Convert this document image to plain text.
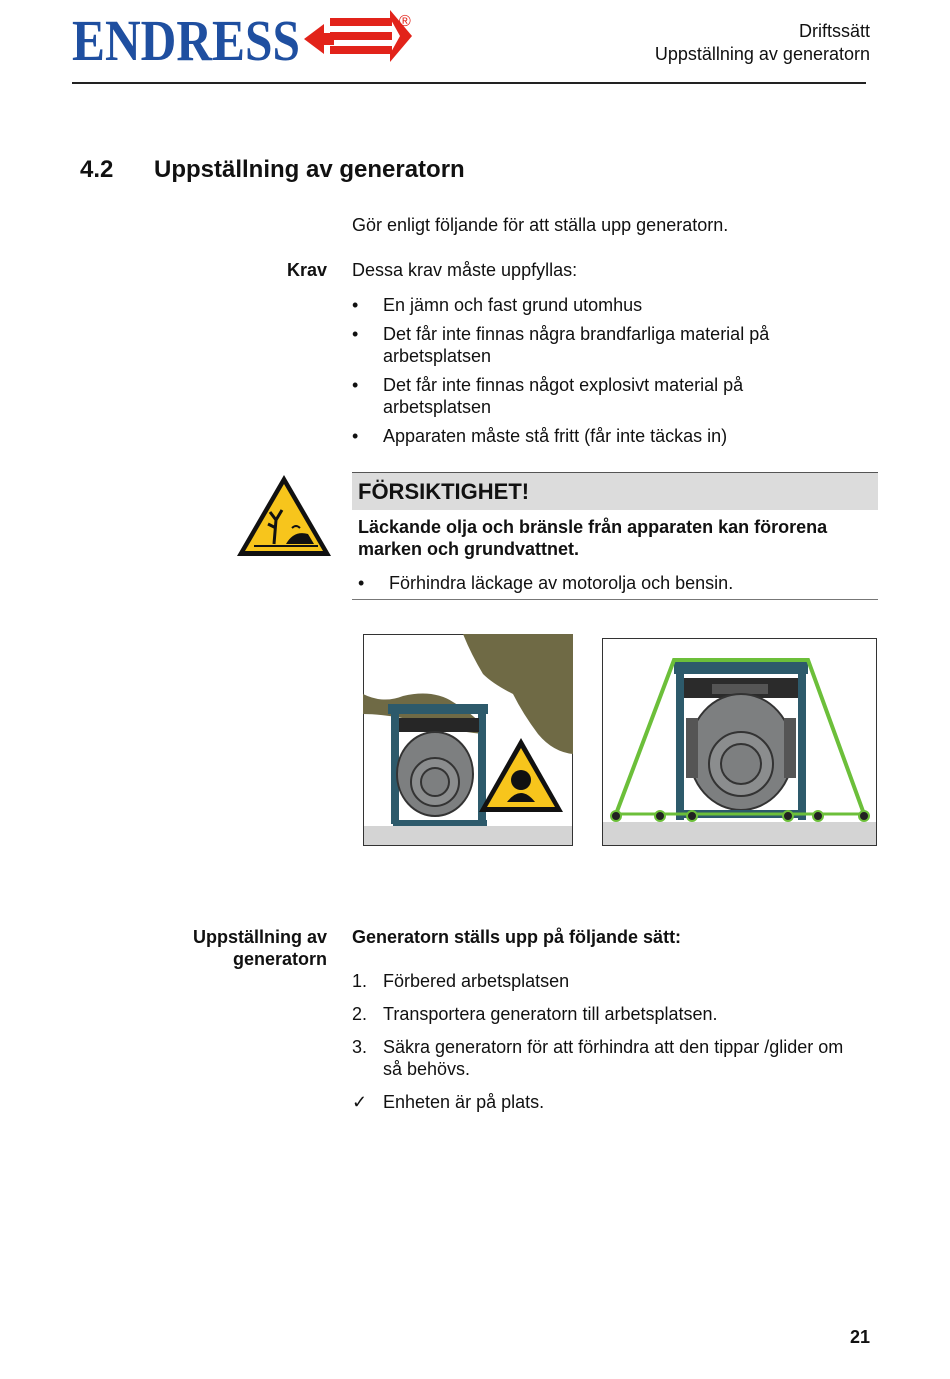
ENDRESS	®	Driftssätt
Uppställning av generatorn
4.2 Uppställning av generatorn
Gör enligt följande för att ställa upp generatorn.
Krav Dessa krav måste uppfyllas:
• En jämn och fast grund utomhus
• Det får inte finnas några brandfarliga material på arbetsplatsen
• Det får inte finnas något explosivt material på arbetsplatsen
• Apparaten måste stå fritt (får inte täckas in)
FÖRSIKTIGHET!
Läckande olja och bränsle från apparaten kan förorena marken och grundvattnet.
• Förhindra läckage av motorolja och bensin.
Uppställning av
generatorn
Generatorn ställs upp på följande sätt:
1. Förbered arbetsplatsen
2. Transportera generatorn till arbetsplatsen.
3. Säkra generatorn för att förhindra att den tippar /glider om så behövs.
✓ Enheten är på plats.
21
